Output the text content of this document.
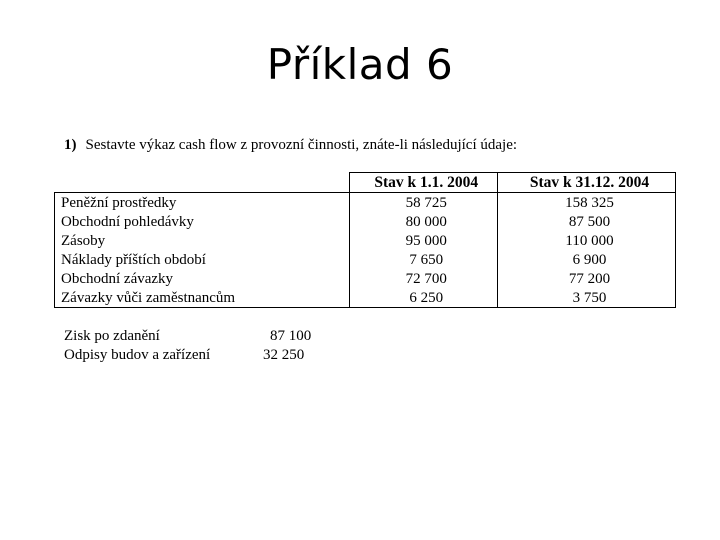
Příklad 6
1) Sestavte výkaz cash flow z provozní činnosti, znáte-li následující údaje:
	Stav k 1.1. 2004	Stav k 31.12. 2004
Peněžní prostředky	58 725	158 325
Obchodní pohledávky	80 000	87 500
Zásoby	95 000	110 000
Náklady příštích období	7 650	6 900
Obchodní závazky	72 700	77 200
Závazky vůči zaměstnancům	6 250	3 750
Zisk po zdanění	87 100
Odpisy budov a zařízení	32 250
